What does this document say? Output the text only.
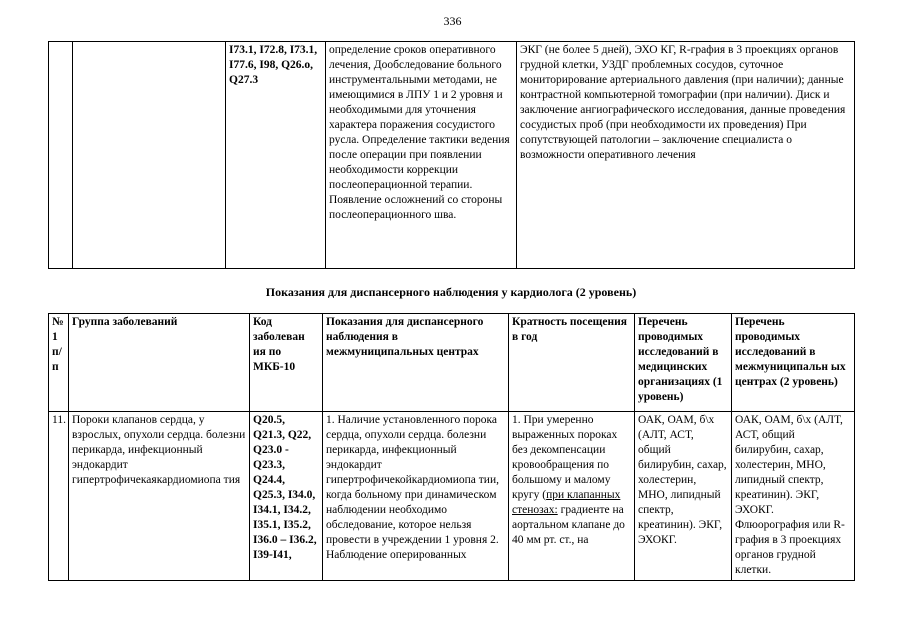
336
		I73.1, I72.8, I73.1, I77.6, I98, Q26.о, Q27.3	определение сроков оперативного лечения, Дообследование больного инструментальными методами, не имеющимися в ЛПУ 1 и 2 уровня и необходимыми для уточнения характера поражения сосудистого русла. Определение тактики ведения после операции при появлении необходимости коррекции послеоперационной терапии. Появление осложнений со стороны послеоперационного шва.	ЭКГ (не более 5 дней), ЭХО КГ, R-графия в 3 проекциях органов грудной клетки, УЗДГ проблемных сосудов, суточное мониторирование артериального давления (при наличии); данные контрастной компьютерной томографии (при наличии). Диск и заключение ангиографического исследования, данные проведения сосудистых проб (при необходимости их проведения) При сопутствующей патологии – заключение специалиста о возможности оперативного лечения
Показания для диспансерного наблюдения у кардиолога (2 уровень)
№ 1 п/п	Группа заболеваний	Код заболеван ия по МКБ-10	Показания для диспансерного наблюдения в межмуниципальных центрах	Кратность посещения в год	Перечень проводимых исследований в медицинских организациях (1 уровень)	Перечень проводимых исследований в межмуниципальн ых центрах (2 уровень)
11.	Пороки клапанов сердца, у взрослых, опухоли сердца. болезни перикарда, инфекционный эндокардит гипертрофичекаякардиомиопа тия	Q20.5, Q21.3, Q22, Q23.0 - Q23.3, Q24.4, Q25.3, I34.0, I34.1, I34.2, I35.1, I35.2, I36.0 – I36.2, I39-I41,	1. Наличие установленного порока сердца, опухоли сердца. болезни перикарда, инфекционный эндокардит гипертрофичекойкардиомиопа тии, когда больному при динамическом наблюдении необходимо обследование, которое нельзя провести в учреждении 1 уровня 2. Наблюдение оперированных	1. При умеренно выраженных пороках без декомпенсации кровообращения по большому и малому кругу (при клапанных стенозах: градиенте на аортальном клапане до 40 мм рт. ст., на	ОАК, ОАМ, б\х (АЛТ, АСТ, общий билирубин, сахар, холестерин, МНО, липидный спектр, креатинин). ЭКГ, ЭХОКГ.	ОАК, ОАМ, б\х (АЛТ, АСТ, общий билирубин, сахар, холестерин, МНО, липидный спектр, креатинин). ЭКГ, ЭХОКГ. Флюорография или R-графия в 3 проекциях органов грудной клетки.
